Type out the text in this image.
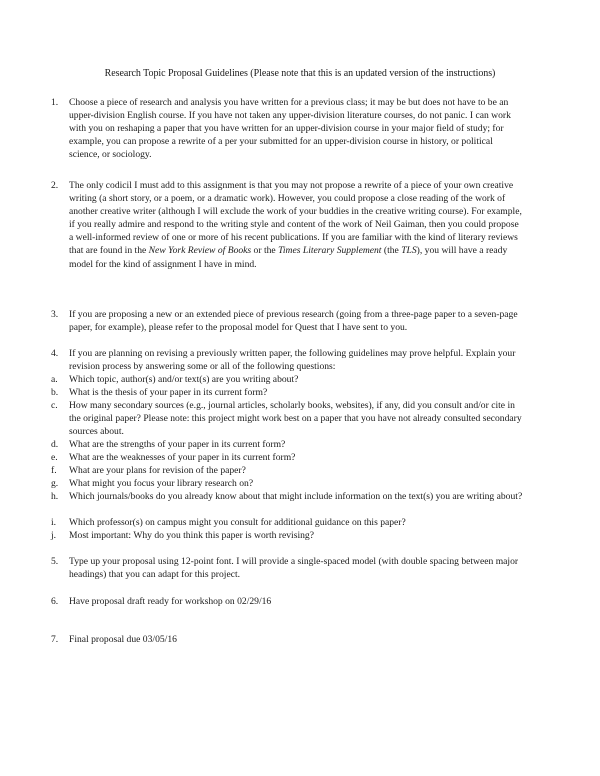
Research Topic Proposal Guidelines (Please note that this is an updated version of the instructions)
1. Choose a piece of research and analysis you have written for a previous class; it may be but does not have to be an upper-division English course. If you have not taken any upper-division literature courses, do not panic. I can work with you on reshaping a paper that you have written for an upper-division course in your major field of study; for example, you can propose a rewrite of a per your submitted for an upper-division course in history, or political science, or sociology.
2. The only codicil I must add to this assignment is that you may not propose a rewrite of a piece of your own creative writing (a short story, or a poem, or a dramatic work). However, you could propose a close reading of the work of another creative writer (although I will exclude the work of your buddies in the creative writing course). For example, if you really admire and respond to the writing style and content of the work of Neil Gaiman, then you could propose a well-informed review of one or more of his recent publications. If you are familiar with the kind of literary reviews that are found in the New York Review of Books or the Times Literary Supplement (the TLS), you will have a ready model for the kind of assignment I have in mind.
3. If you are proposing a new or an extended piece of previous research (going from a three-page paper to a seven-page paper, for example), please refer to the proposal model for Quest that I have sent to you.
4. If you are planning on revising a previously written paper, the following guidelines may prove helpful. Explain your revision process by answering some or all of the following questions:
a. Which topic, author(s) and/or text(s) are you writing about?
b. What is the thesis of your paper in its current form?
c. How many secondary sources (e.g., journal articles, scholarly books, websites), if any, did you consult and/or cite in the original paper? Please note: this project might work best on a paper that you have not already consulted secondary sources about.
d. What are the strengths of your paper in its current form?
e. What are the weaknesses of your paper in its current form?
f. What are your plans for revision of the paper?
g. What might you focus your library research on?
h. Which journals/books do you already know about that might include information on the text(s) you are writing about?
i. Which professor(s) on campus might you consult for additional guidance on this paper?
j. Most important: Why do you think this paper is worth revising?
5. Type up your proposal using 12-point font. I will provide a single-spaced model (with double spacing between major headings) that you can adapt for this project.
6. Have proposal draft ready for workshop on 02/29/16
7. Final proposal due 03/05/16
